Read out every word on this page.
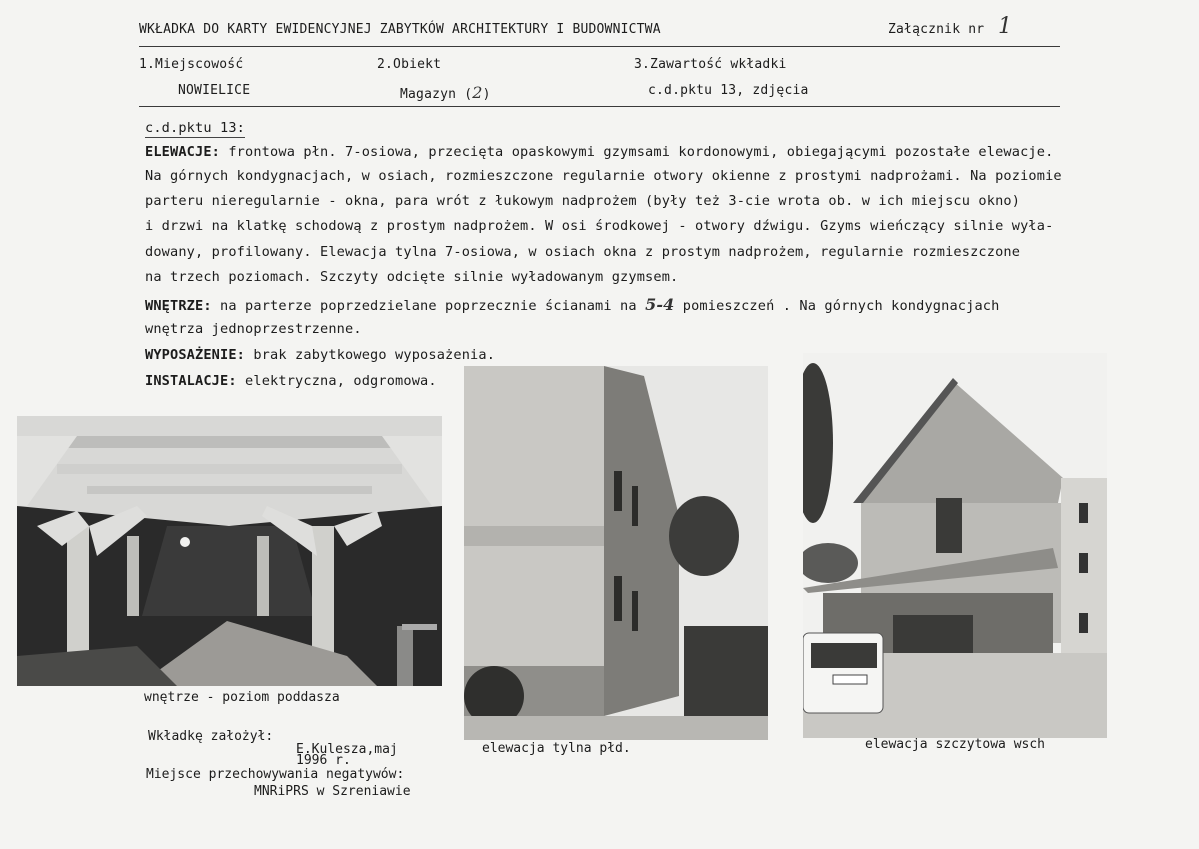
WKŁADKA DO KARTY EWIDENCYJNEJ ZABYTKÓW ARCHITEKTURY I BUDOWNICTWA	Załącznik nr 1
1.Miejscowość
NOWIELICE
2.Obiekt
Magazyn (2)
3.Zawartość wkładki
c.d.pktu 13, zdjęcia
c.d.pktu 13:
ELEWACJE: frontowa płn. 7-osiowa, przecięta opaskowymi gzymsami kordonowymi, obiegającymi pozostałe elewacje.
Na górnych kondygnacjach, w osiach, rozmieszczone regularnie otwory okienne z prostymi nadprożami. Na poziomie
parteru nieregularnie - okna, para wrót z łukowym nadprożem (były też 3-cie wrota ob. w ich miejscu okno)
i drzwi na klatkę schodową z prostym nadprożem. W osi środkowej - otwory dźwigu. Gzyms wieńczący silnie wyła-
dowany, profilowany. Elewacja tylna 7-osiowa, w osiach okna z prostym nadprożem, regularnie rozmieszczone
na trzech poziomach. Szczyty odcięte silnie wyładowanym gzymsem.
WNĘTRZE: na parterze poprzedzielane poprzecznie ścianami na 5-4 pomieszczeń . Na górnych kondygnacjach
wnętrza jednoprzestrzenne.
WYPOSAŻENIE: brak zabytkowego wyposażenia.
INSTALACJE: elektryczna, odgromowa.
wnętrze - poziom poddasza
elewacja tylna płd.	elewacja szczytowa wsch
Wkładkę założył:
E.Kulesza,maj
1996 r.
Miejsce przechowywania negatywów:
MNRiPRS w Szreniawie
